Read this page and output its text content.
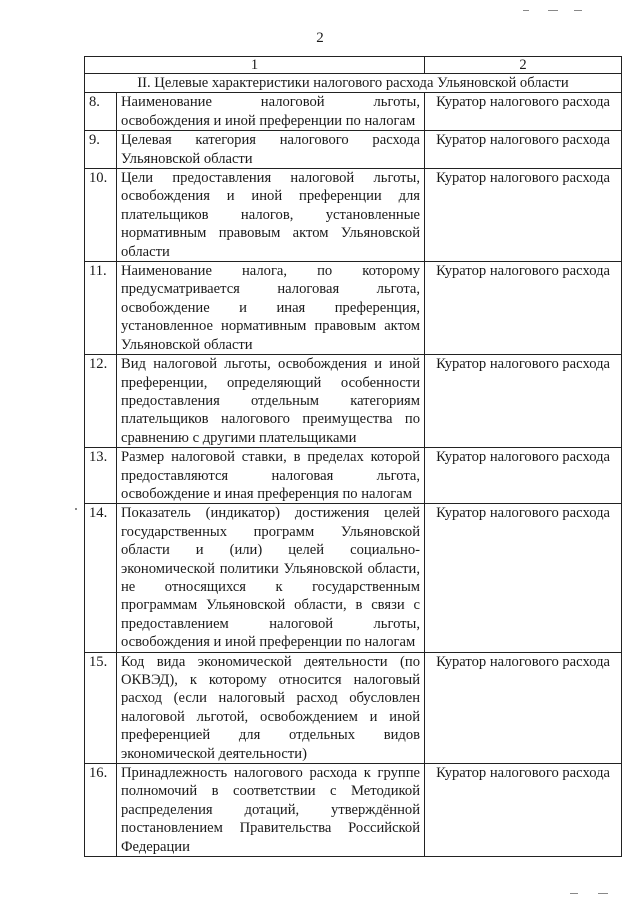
2
1		2
II. Целевые характеристики налогового расхода Ульяновской области		
8.	Наименование налоговой льготы, освобождения и иной преференции по налогам	Куратор налогового расхода
9.	Целевая категория налогового расхода Ульяновской области	Куратор налогового расхода
10.	Цели предоставления налоговой льготы, освобождения и иной преференции для плательщиков налогов, установленные нормативным правовым актом Ульяновской области	Куратор налогового расхода
11.	Наименование налога, по которому предусматривается налоговая льгота, освобождение и иная преференция, установленное нормативным правовым актом Ульяновской области	Куратор налогового расхода
12.	Вид налоговой льготы, освобождения и иной преференции, определяющий особенности предоставления отдельным категориям плательщиков налогового преимущества по сравнению с другими плательщиками	Куратор налогового расхода
13.	Размер налоговой ставки, в пределах которой предоставляются налоговая льгота, освобождение и иная преференция по налогам	Куратор налогового расхода
14.	Показатель (индикатор) достижения целей государственных программ Ульяновской области и (или) целей социально-экономической политики Ульяновской области, не относящихся к государственным программам Ульяновской области, в связи с предоставлением налоговой льготы, освобождения и иной преференции по налогам	Куратор налогового расхода
15.	Код вида экономической деятельности (по ОКВЭД), к которому относится налоговый расход (если налоговый расход обусловлен налоговой льготой, освобождением и иной преференцией для отдельных видов экономической деятельности)	Куратор налогового расхода
16.	Принадлежность налогового расхода к группе полномочий в соответствии с Методикой распределения дотаций, утверждённой постановлением Правительства Российской Федерации	Куратор налогового расхода
